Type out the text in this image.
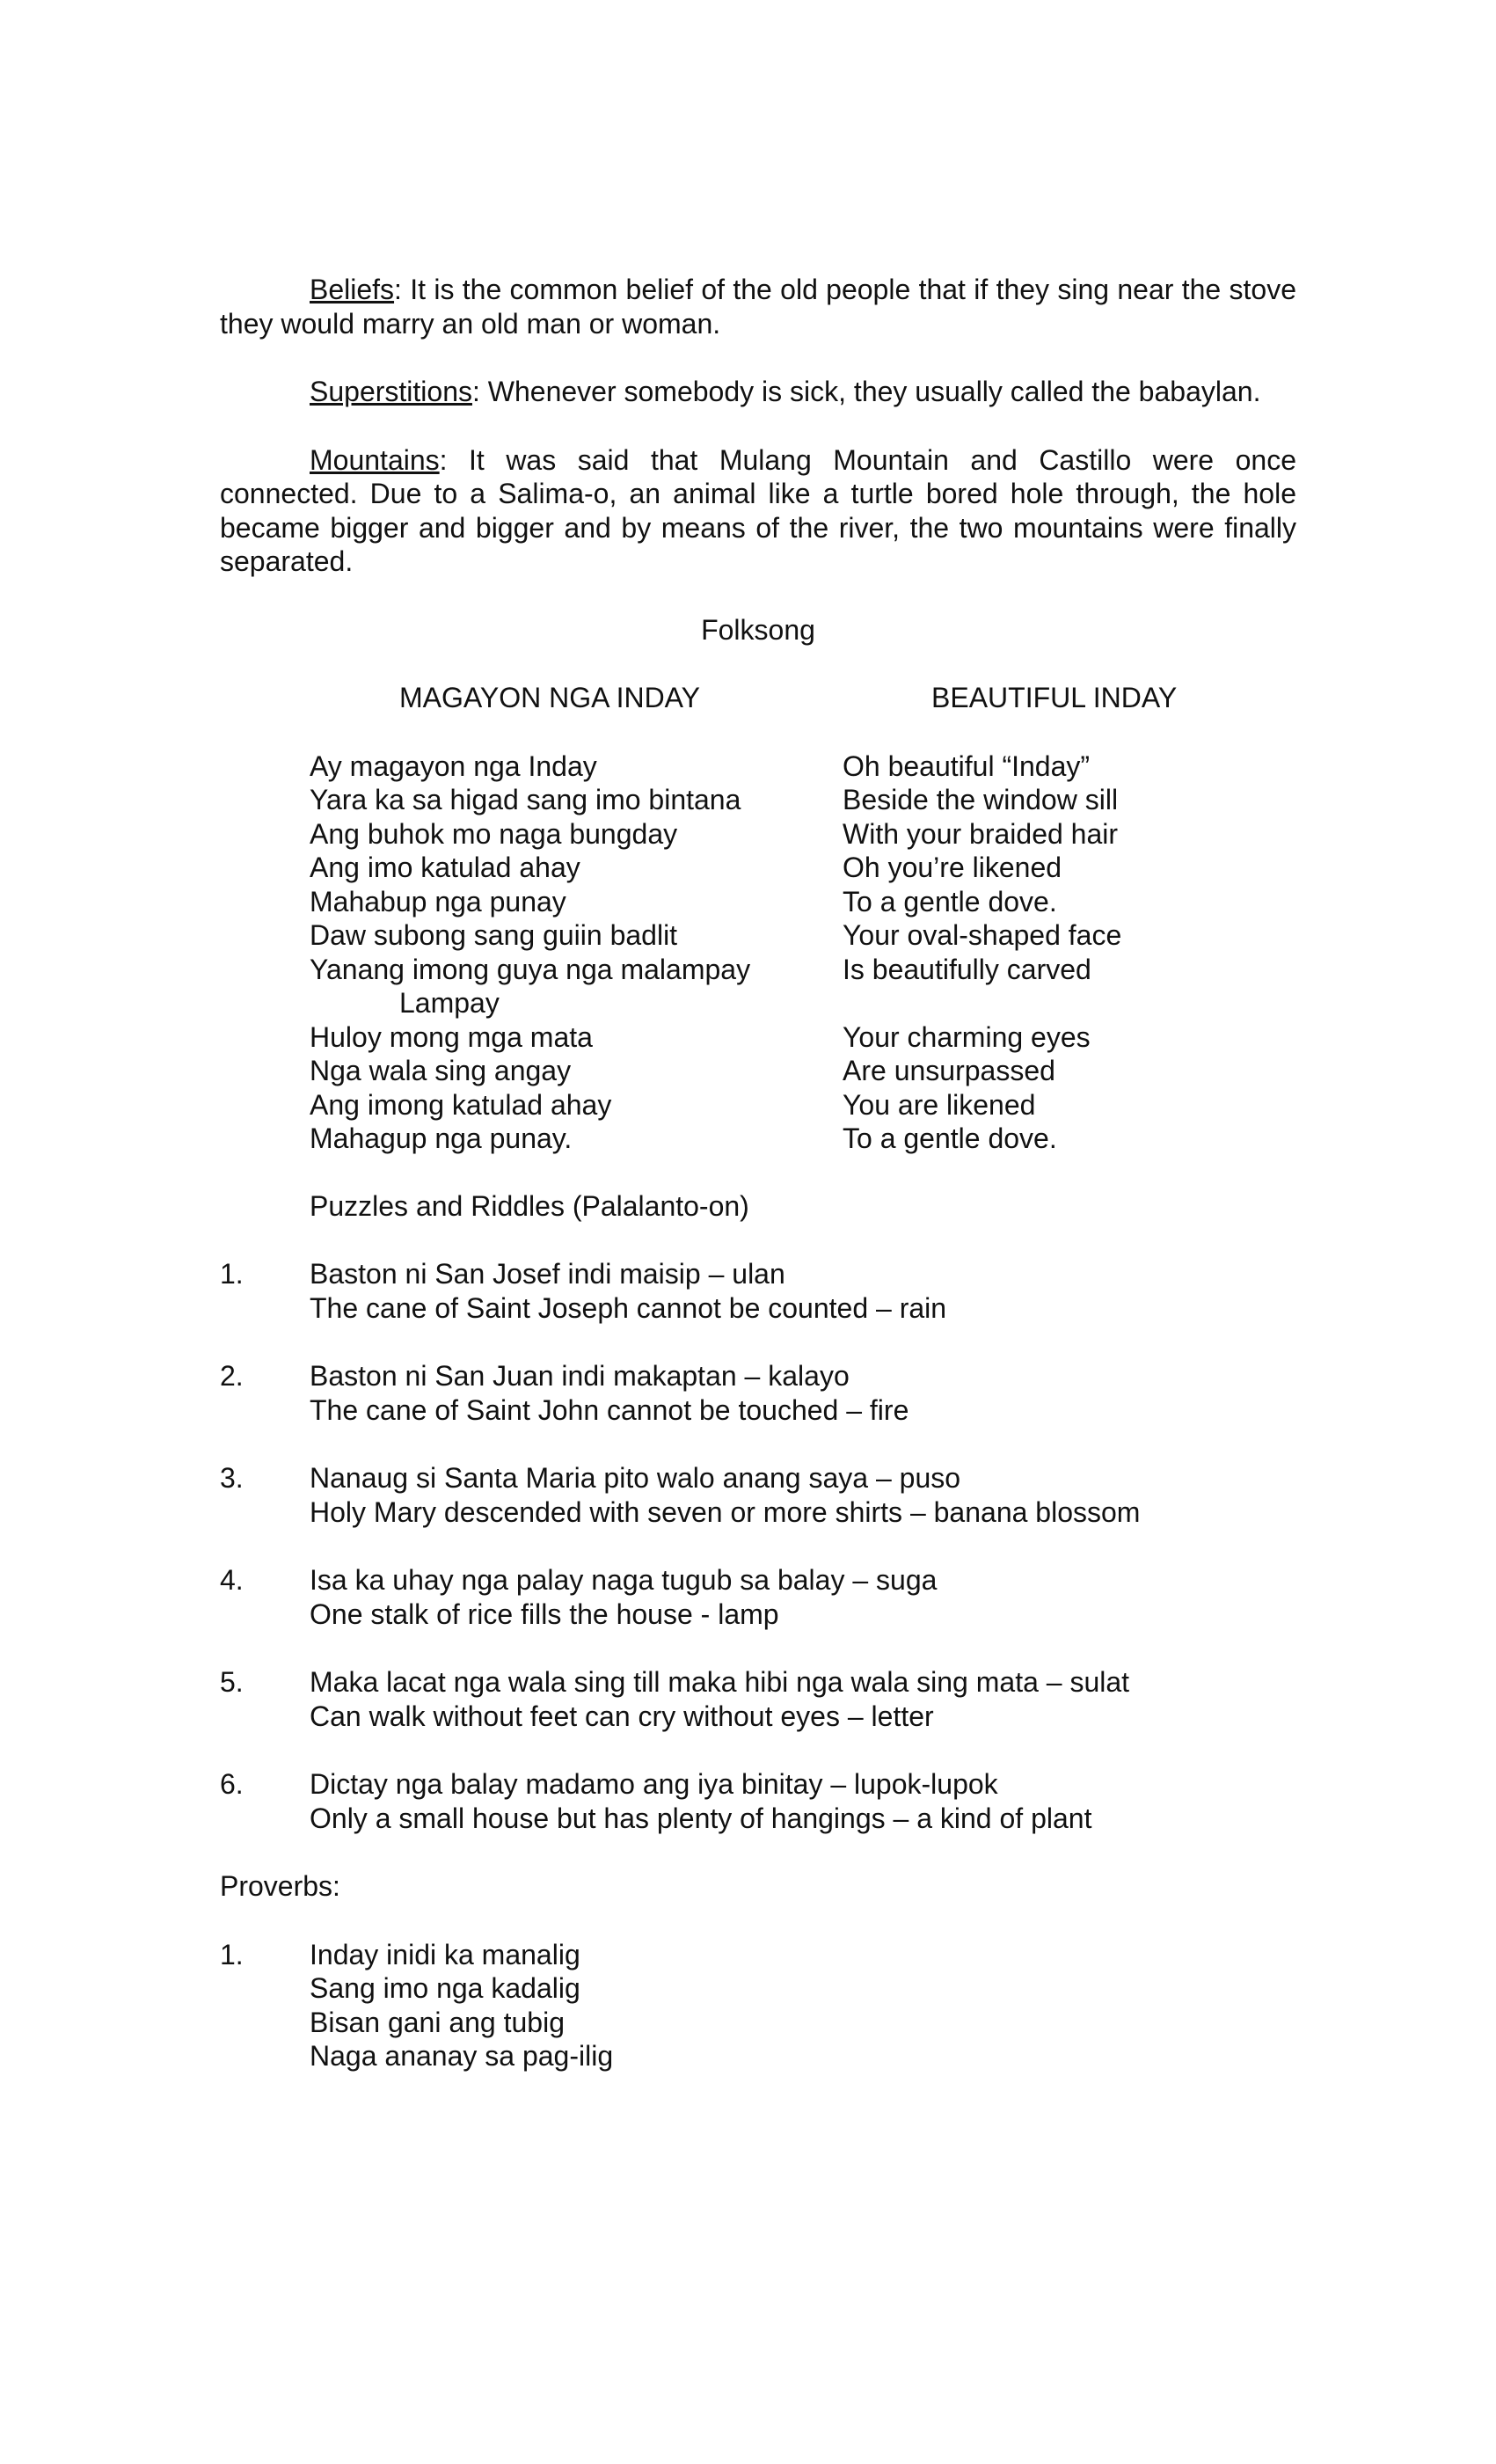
Beliefs: It is the common belief of the old people that if they sing near the stove they would marry an old man or woman.

Superstitions: Whenever somebody is sick, they usually called the babaylan.

Mountains: It was said that Mulang Mountain and Castillo were once connected. Due to a Salima-o, an animal like a turtle bored hole through, the hole became bigger and bigger and by means of the river, the two mountains were finally separated.

Folksong
MAGAYON NGA INDAY	BEAUTIFUL INDAY
Ay magayon nga Inday
Yara ka sa higad sang imo bintana
Ang buhok mo naga bungday
Ang imo katulad ahay
Mahabup nga punay
Daw subong sang guiin badlit
Yanang imong guya nga malampay
Lampay
Huloy mong mga mata
Nga wala sing angay
Ang imong katulad ahay
Mahagup nga punay.
Oh beautiful “Inday”
Beside the window sill
With your braided hair
Oh you’re likened
To a gentle dove.
Your oval-shaped face
Is beautifully carved
Your charming eyes
Are unsurpassed
You are likened
To a gentle dove.
Puzzles and Riddles (Palalanto-on)
1. Baston ni San Josef indi maisip – ulan
The cane of Saint Joseph cannot be counted – rain
2. Baston ni San Juan indi makaptan – kalayo
The cane of Saint John cannot be touched – fire
3. Nanaug si Santa Maria pito walo anang saya – puso
Holy Mary descended with seven or more shirts – banana blossom
4. Isa ka uhay nga palay naga tugub sa balay – suga
One stalk of rice fills the house - lamp
5. Maka lacat nga wala sing till maka hibi nga wala sing mata – sulat
Can walk without feet can cry without eyes – letter
6. Dictay nga balay madamo ang iya binitay – lupok-lupok
Only a small house but has plenty of hangings – a kind of plant
Proverbs:
1. Inday inidi ka manalig
Sang imo nga kadalig
Bisan gani ang tubig
Naga ananay sa pag-ilig
